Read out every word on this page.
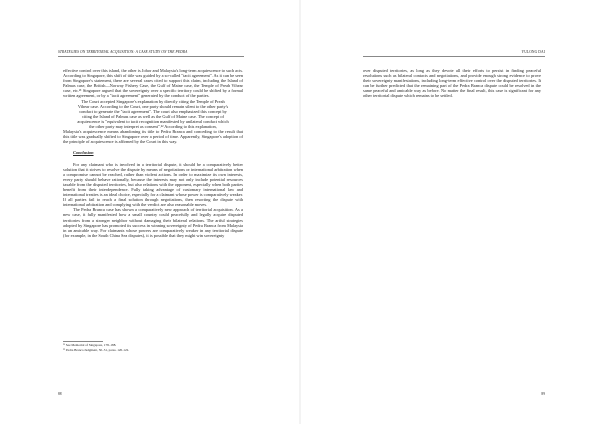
STRATEGIES ON TERRITORIAL ACQUISITION: A CASE STUDY ON THE PEDRA

effective control over this island, the other is Johor and Malaysia's long-term acquiescence to such acts. According to Singapore, this shift of title was guided by a so-called "tacit agreement". As it can be seen from Singapore's statement, there are several cases cited to support this claim, including the Island of Palmas case, the British—Norway Fishery Case, the Gulf of Maine case, the Temple of Preah Vihear case, etc.²¹ Singapore argued that the sovereignty over a specific territory could be shifted by a formal written agreement, or by a "tacit agreement" generated by the conduct of the parties.

The Court accepted Singapore's explanation by directly citing the Temple of Preah Vihear case. According to the Court, one party should remain silent to the other party's conduct to generate the "tacit agreement". The court also emphasized this concept by citing the Island of Palmas case as well as the Gulf of Maine case. The concept of acquiescence is "equivalent to tacit recognition manifested by unilateral conduct which the other party may interpret as consent".²² According to this explanation,

Malaysia's acquiescence means abandoning its title to Pedra Branca and conceding to the result that this title was gradually shifted to Singapore over a period of time. Apparently, Singapore's adoption of the principle of acquiescence is affirmed by the Court in this way.

Conclusion

For any claimant who is involved in a territorial dispute, it should be a comparatively better solution that it strives to resolve the dispute by means of negotiations or international arbitration when a compromise cannot be reached, rather than violent actions. In order to maximize its own interests, every party should behave rationally, because the interests may not only include potential resources taxable from the disputed territories, but also relations with the opponent, especially when both parties benefit from their interdependence. Fully taking advantage of customary international law and international treaties is an ideal choice, especially for a claimant whose power is comparatively weaker. If all parties fail to reach a final solution through negotiations, then resorting the dispute with international arbitration and complying with the verdict are also reasonable moves.

The Pedra Branca case has shown a comparatively new approach of territorial acquisition. As a new case, it fully manifested how a small country could peacefully and legally acquire disputed territories from a stronger neighbor without damaging their bilateral relations. The artful strategies adopted by Singapore has promoted its success in winning sovereignty of Pedra Branca from Malaysia in an amicable way. For claimants whose powers are comparatively weaker in any territorial dispute (for example, in the South China Sea disputes), it is possible that they might win sovereignty

²¹ See Memorial of Singapore, 178–188.
²² Pedra Branca Judgment, 50–51, paras. 120-122.
88
YULONG DAI

over disputed territories, as long as they devote all their efforts to persist in finding peaceful resolutions such as bilateral contacts and negotiations, and provide enough strong evidence to prove their sovereignty manifestations, including long-term effective control over the disputed territories. It can be further predicted that the remaining part of the Pedra Branca dispute could be resolved in the same peaceful and amicable way as before. No matter the final result, this case is significant for any other territorial dispute which remains to be settled.

89
